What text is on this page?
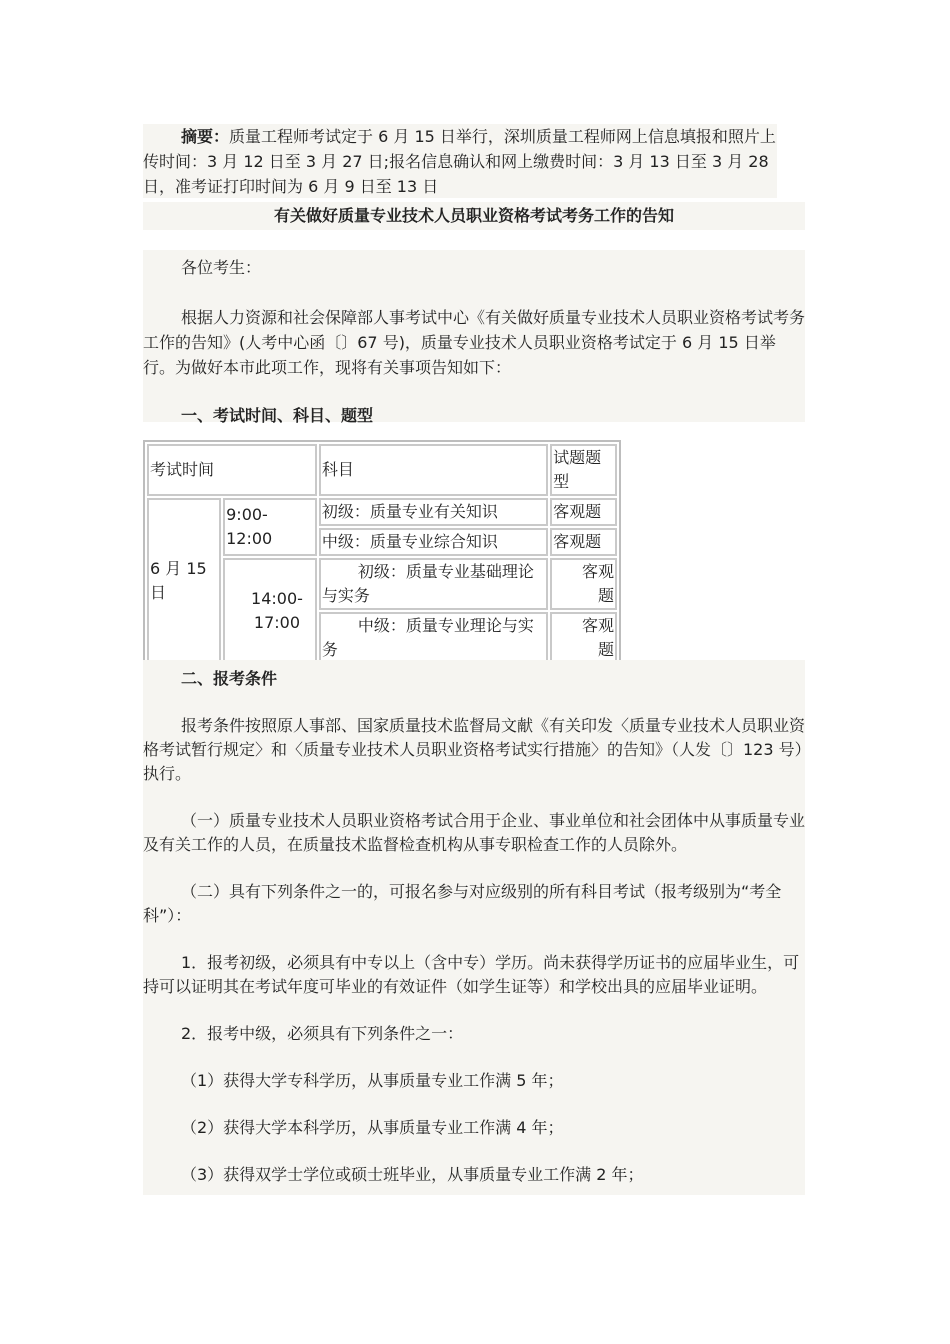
摘要：质量工程师考试定于 6 月 15 日举行，深圳质量工程师网上信息填报和照片上传时间：3 月 12 日至 3 月 27 日;报名信息确认和网上缴费时间：3 月 13 日至 3 月 28 日，准考证打印时间为 6 月 9 日至 13 日

有关做好质量专业技术人员职业资格考试考务工作的告知

各位考生：

根据人力资源和社会保障部人事考试中心《有关做好质量专业技术人员职业资格考试考务工作的告知》(人考中心函〔〕67 号)，质量专业技术人员职业资格考试定于 6 月 15 日举行。为做好本市此项工作，现将有关事项告知如下：

一、考试时间、科目、题型

考试时间		科目	试题题型
6 月 15 日	9:00-12:00	初级：质量专业有关知识	客观题
		中级：质量专业综合知识	客观题
	14:00-17:00	初级：质量专业基础理论与实务	客观题
		中级：质量专业理论与实务	客观题

二、报考条件

报考条件按照原人事部、国家质量技术监督局文献《有关印发〈质量专业技术人员职业资格考试暂行规定〉和〈质量专业技术人员职业资格考试实行措施〉的告知》（人发〔〕123 号）执行。

（一）质量专业技术人员职业资格考试合用于企业、事业单位和社会团体中从事质量专业及有关工作的人员，在质量技术监督检查机构从事专职检查工作的人员除外。

（二）具有下列条件之一的，可报名参与对应级别的所有科目考试（报考级别为“考全科”）：

1．报考初级，必须具有中专以上（含中专）学历。尚未获得学历证书的应届毕业生，可持可以证明其在考试年度可毕业的有效证件（如学生证等）和学校出具的应届毕业证明。

2．报考中级，必须具有下列条件之一：

（1）获得大学专科学历，从事质量专业工作满 5 年；

（2）获得大学本科学历，从事质量专业工作满 4 年；

（3）获得双学士学位或硕士班毕业，从事质量专业工作满 2 年；
